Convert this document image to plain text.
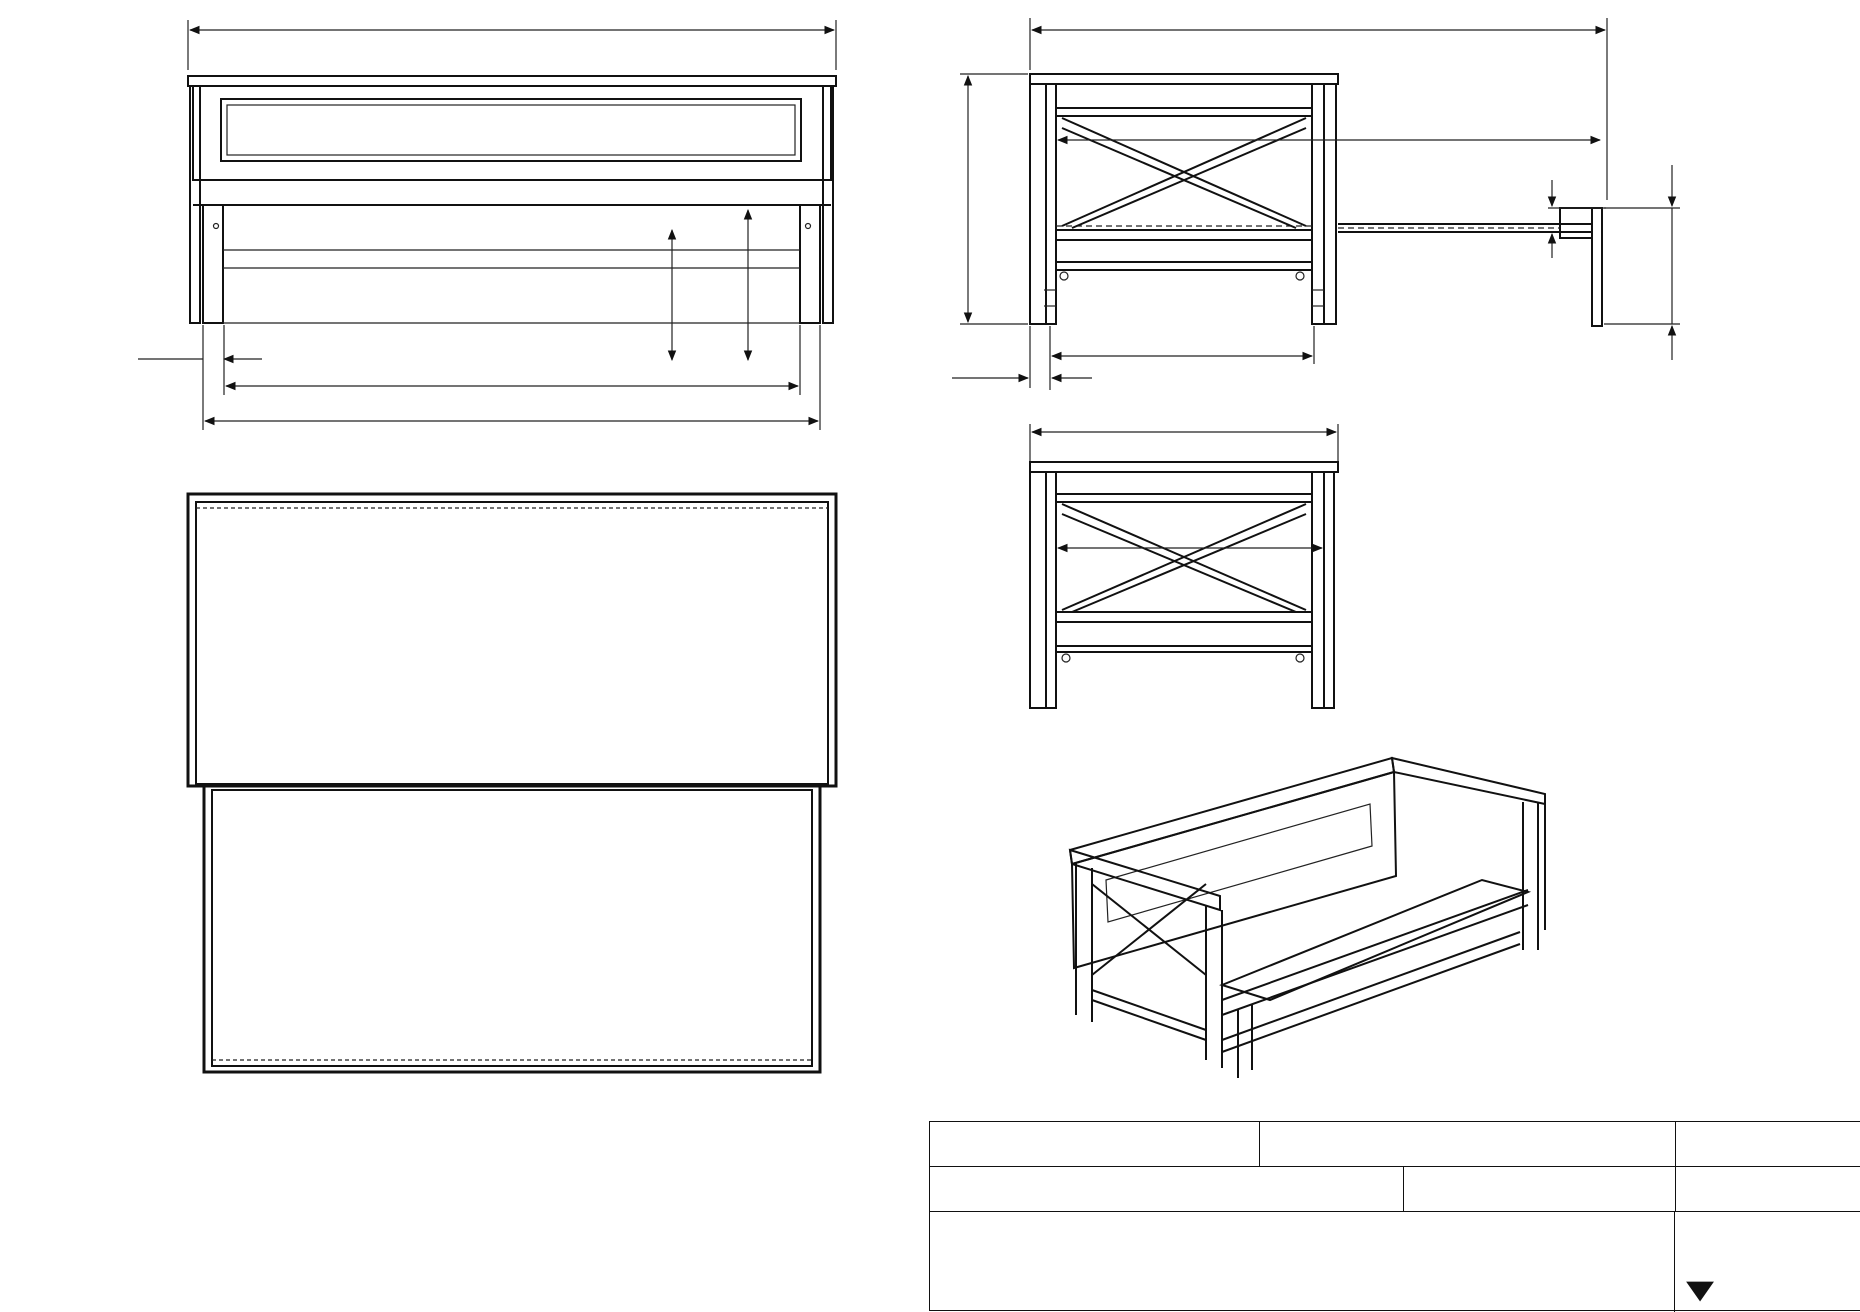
▼
